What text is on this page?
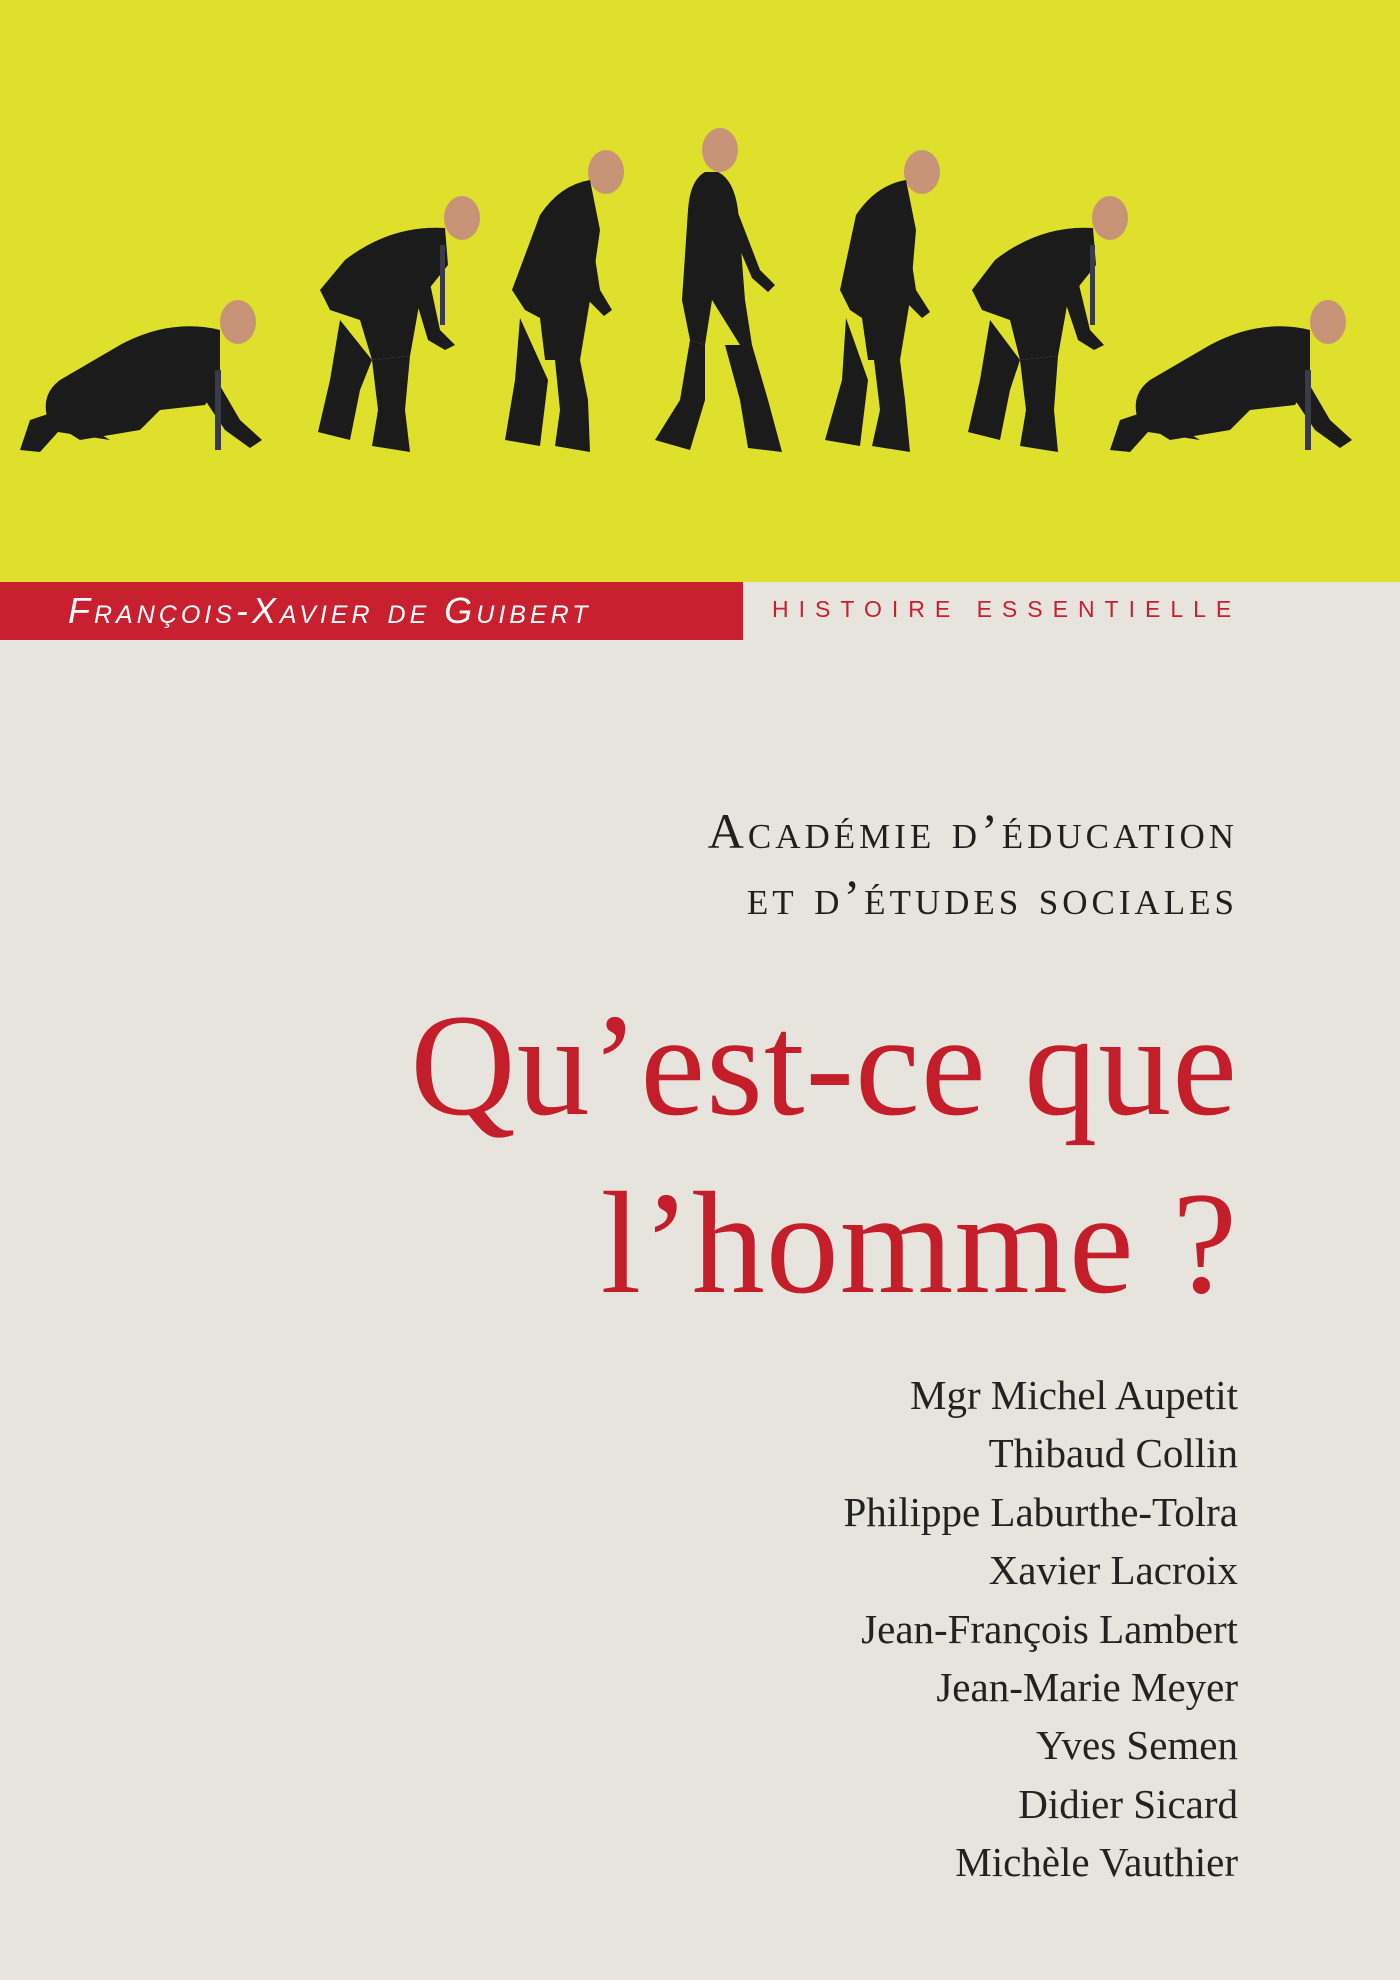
François-Xavier de Guibert	HISTOIRE ESSENTIELLE
Académie d’éducation
et d’études sociales
Qu’est-ce que
l’homme ?
Mgr Michel Aupetit
Thibaud Collin
Philippe Laburthe-Tolra
Xavier Lacroix
Jean-François Lambert
Jean-Marie Meyer
Yves Semen
Didier Sicard
Michèle Vauthier
